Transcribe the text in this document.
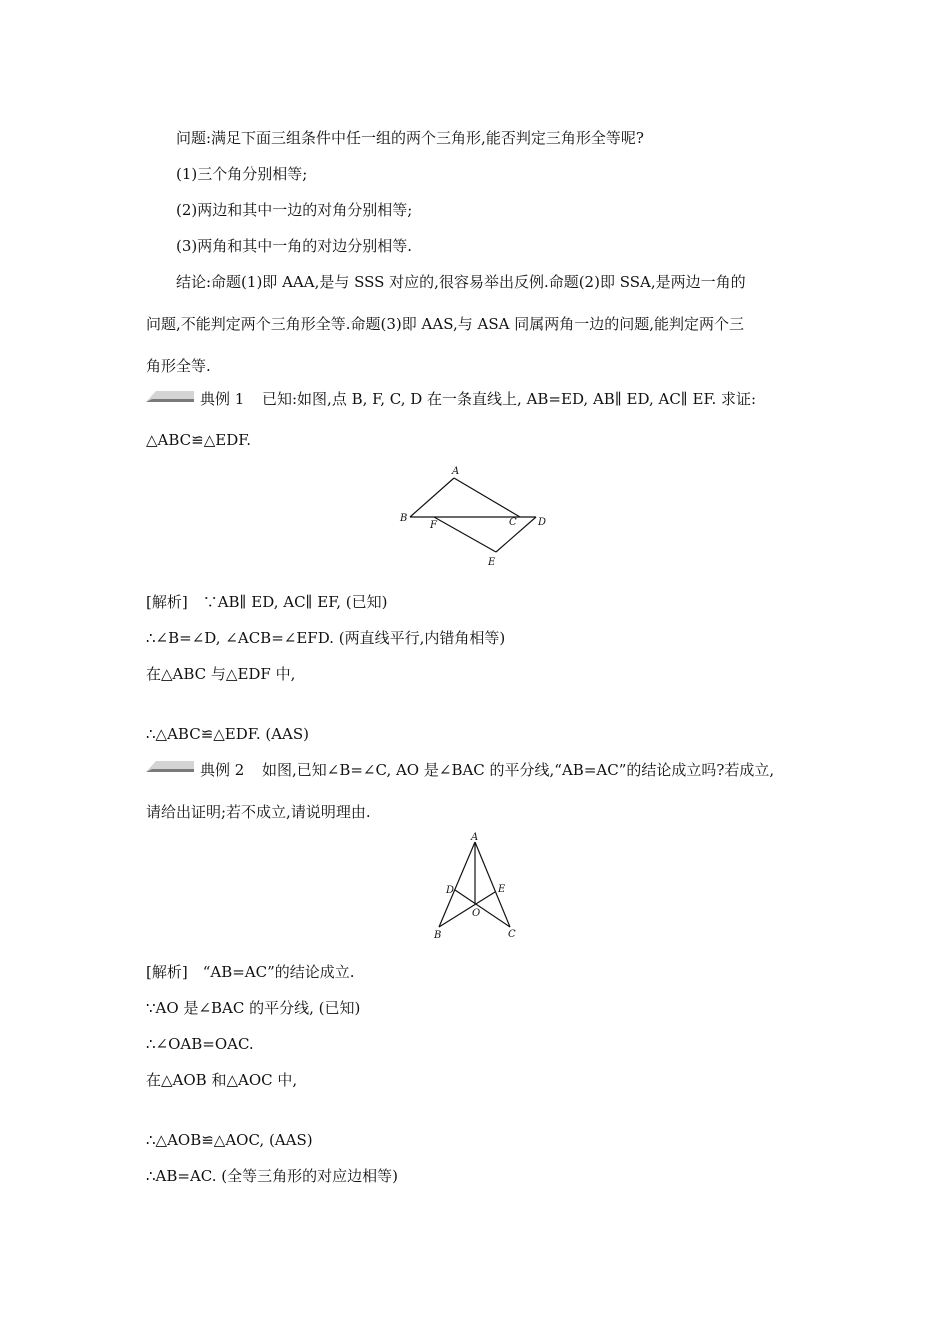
问题:满足下面三组条件中任一组的两个三角形,能否判定三角形全等呢?
(1)三个角分别相等;
(2)两边和其中一边的对角分别相等;
(3)两角和其中一角的对边分别相等.
结论:命题(1)即 AAA,是与 SSS 对应的,很容易举出反例.命题(2)即 SSA,是两边一角的
问题,不能判定两个三角形全等.命题(3)即 AAS,与 ASA 同属两角一边的问题,能判定两个三
角形全等.
典例 1 已知:如图,点 B, F, C, D 在一条直线上, AB=ED, AB∥ ED, AC∥ EF. 求证:
△ABC≌△EDF.
A
B
F	C D
E
[解析]　∵AB∥ ED, AC∥ EF, (已知)
∴∠B=∠D, ∠ACB=∠EFD. (两直线平行,内错角相等)
在△ABC 与△EDF 中,
∴△ABC≌△EDF. (AAS)
典例 2 如图,已知∠B=∠C, AO 是∠BAC 的平分线,“AB=AC”的结论成立吗?若成立,
请给出证明;若不成立,请说明理由.
A
D	E
O
B	C
[解析]　“AB=AC”的结论成立.
∵AO 是∠BAC 的平分线, (已知)
∴∠OAB=OAC.
在△AOB 和△AOC 中,
∴△AOB≌△AOC, (AAS)
∴AB=AC. (全等三角形的对应边相等)
